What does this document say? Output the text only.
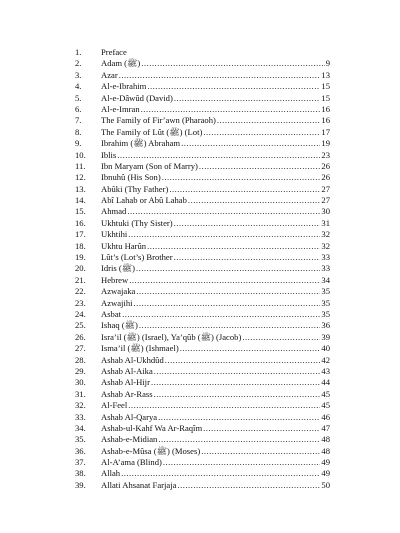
1.	Preface
2.	Adam (ﷺ) .....	9
3.	Azar .....	13
4.	Al-e-Ibrahim .....	15
5.	Al-e-Dâwûd (David) .....	15
6.	Al-e-Imran .....	16
7.	The Family of Fir’awn (Pharaoh) .....	16
8.	The Family of Lût (ﷺ) (Lot) .....	17
9.	Ibrahim (ﷺ) Abraham .....	19
10.	Iblis .....	23
11.	Ibn Maryam (Son of Marry) .....	26
12.	Ibnuhû (His Son) .....	26
13.	Abûki (Thy Father) .....	27
14.	Abî Lahab or Abû Lahab .....	27
15.	Ahmad .....	30
16.	Ukhtuki (Thy Sister) .....	31
17.	Ukhtihi .....	32
18.	Ukhtu Harûn .....	32
19.	Lût’s (Lot’s) Brother .....	33
20.	Idris (ﷺ) .....	33
21.	Hebrew .....	34
22.	Azwajaka .....	35
23.	Azwajihi .....	35
24.	Asbat .....	35
25.	Ishaq (ﷺ) .....	36
26.	Isra’il (ﷺ) (Israel), Ya’qûb (ﷺ) (Jacob) .....	39
27.	Isma’il (ﷺ) (Ishmael) .....	40
28.	Ashab Al-Ukhdûd .....	42
29.	Ashab Al-Aika .....	43
30.	Ashab Al-Hijr .....	44
31.	Ashab Ar-Rass .....	45
32.	Al-Feel .....	45
33.	Ashab Al-Qarya .....	46
34.	Ashab-ul-Kahf Wa Ar-Raqîm .....	47
35.	Ashab-e-Midian .....	48
36.	Ashab-e-Mûsa (ﷺ) (Moses) .....	48
37.	Al-A’ama (Blind) .....	49
38.	Allah .....	49
39.	Allati Ahsanat Farjaja .....	50
